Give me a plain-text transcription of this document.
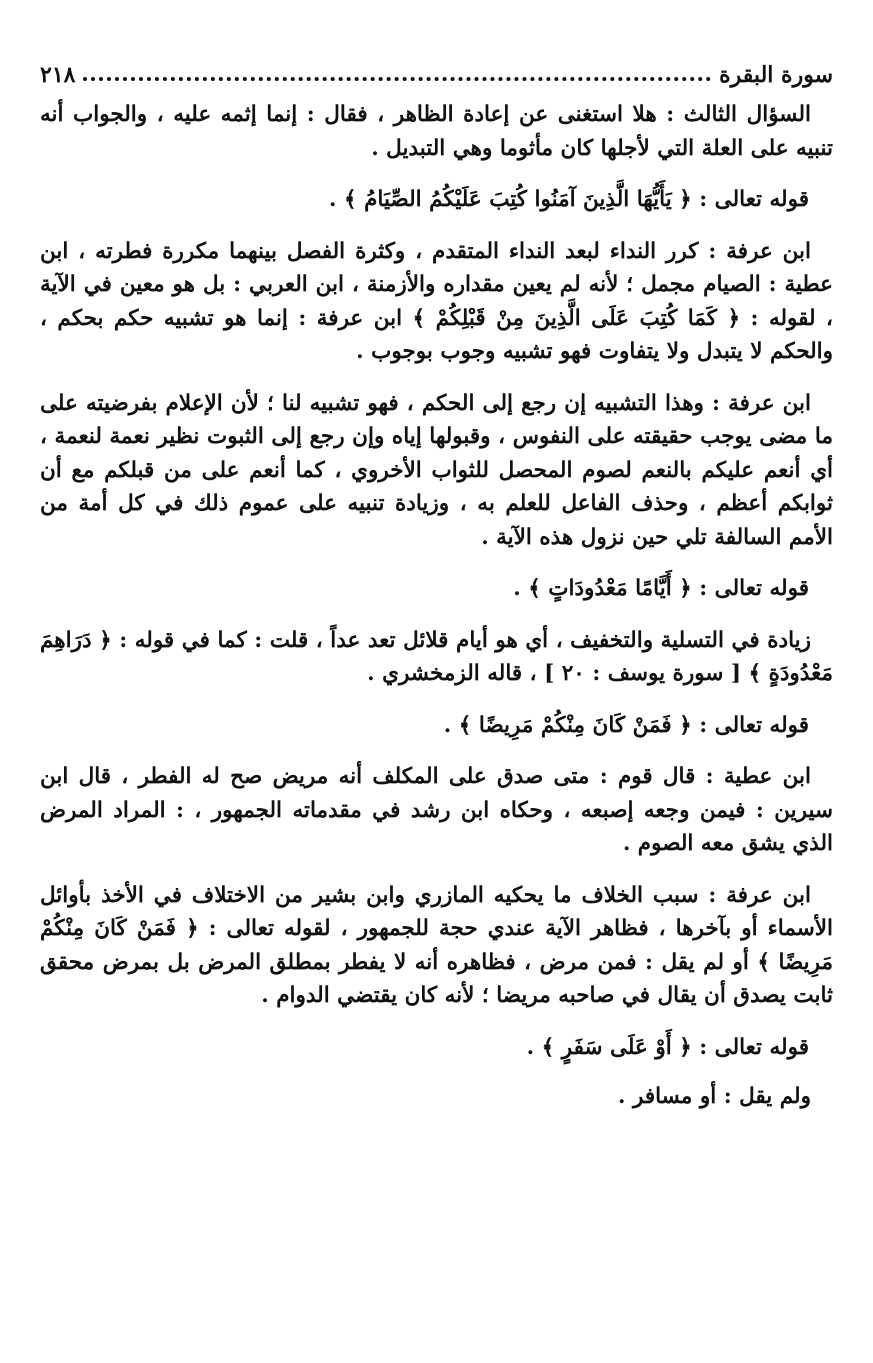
٢١٨	سورة البقرة

السؤال الثالث : هلا استغنى عن إعادة الظاهر ، فقال : إنما إثمه عليه ، والجواب أنه تنبيه على العلة التي لأجلها كان مأثوما وهي التبديل .

قوله تعالى : ﴿ يَأَيُّهَا الَّذِينَ آمَنُوا كُتِبَ عَلَيْكُمُ الصِّيَامُ ﴾ .

ابن عرفة : كرر النداء لبعد النداء المتقدم ، وكثرة الفصل بينهما مكررة فطرته ، ابن عطية : الصيام مجمل ؛ لأنه لم يعين مقداره والأزمنة ، ابن العربي : بل هو معين في الآية ، لقوله : ﴿ كَمَا كُتِبَ عَلَى الَّذِينَ مِنْ قَبْلِكُمْ ﴾ ابن عرفة : إنما هو تشبيه حكم بحكم ، والحكم لا يتبدل ولا يتفاوت فهو تشبيه وجوب بوجوب .

ابن عرفة : وهذا التشبيه إن رجع إلى الحكم ، فهو تشبيه لنا ؛ لأن الإعلام بفرضيته على ما مضى يوجب حقيقته على النفوس ، وقبولها إياه وإن رجع إلى الثبوت نظير نعمة لنعمة ، أي أنعم عليكم بالنعم لصوم المحصل للثواب الأخروي ، كما أنعم على من قبلكم مع أن ثوابكم أعظم ، وحذف الفاعل للعلم به ، وزيادة تنبيه على عموم ذلك في كل أمة من الأمم السالفة تلي حين نزول هذه الآية .

قوله تعالى : ﴿ أَيَّامًا مَعْدُودَاتٍ ﴾ .

زيادة في التسلية والتخفيف ، أي هو أيام قلائل تعد عداً ، قلت : كما في قوله : ﴿ دَرَاهِمَ مَعْدُودَةٍ ﴾ [ سورة يوسف : ٢٠ ] ، قاله الزمخشري .

قوله تعالى : ﴿ فَمَنْ كَانَ مِنْكُمْ مَرِيضًا ﴾ .

ابن عطية : قال قوم : متى صدق على المكلف أنه مريض صح له الفطر ، قال ابن سيرين : فيمن وجعه إصبعه ، وحكاه ابن رشد في مقدماته الجمهور ، : المراد المرض الذي يشق معه الصوم .

ابن عرفة : سبب الخلاف ما يحكيه المازري وابن بشير من الاختلاف في الأخذ بأوائل الأسماء أو بآخرها ، فظاهر الآية عندي حجة للجمهور ، لقوله تعالى : ﴿ فَمَنْ كَانَ مِنْكُمْ مَرِيضًا ﴾ أو لم يقل : فمن مرض ، فظاهره أنه لا يفطر بمطلق المرض بل بمرض محقق ثابت يصدق أن يقال في صاحبه مريضا ؛ لأنه كان يقتضي الدوام .

قوله تعالى : ﴿ أَوْ عَلَى سَفَرٍ ﴾ .

ولم يقل : أو مسافر .
